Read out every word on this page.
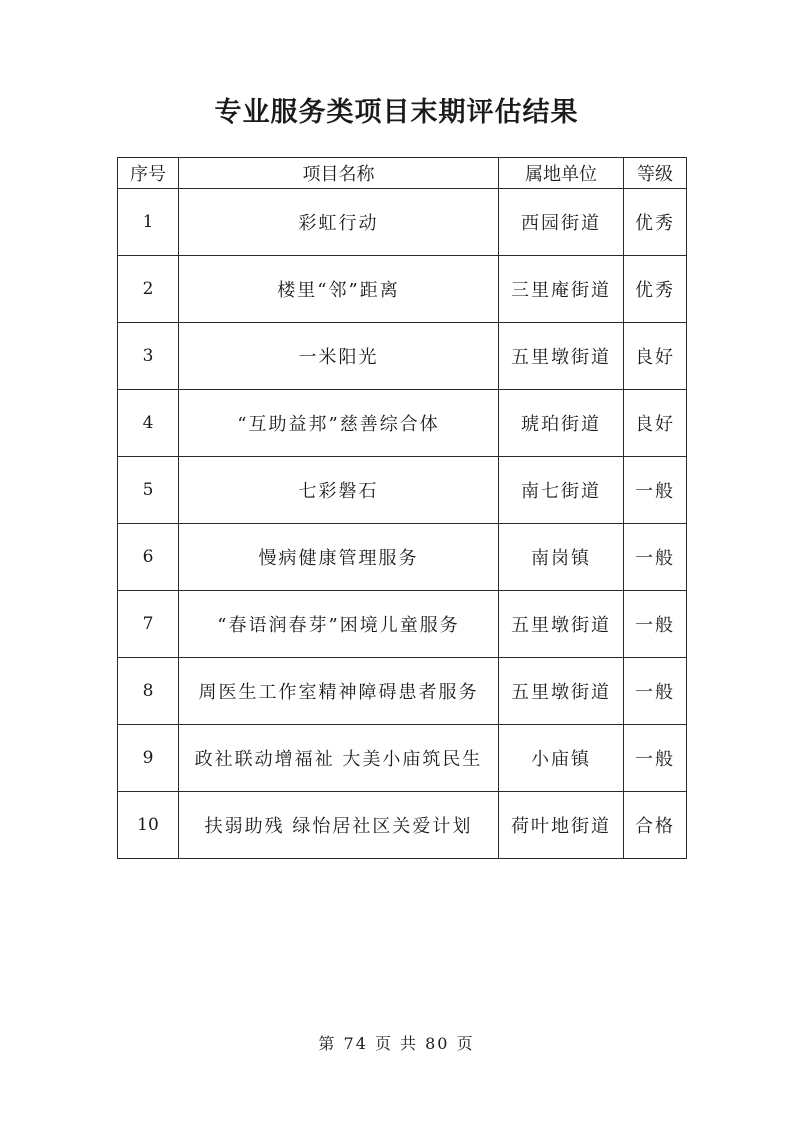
专业服务类项目末期评估结果
序号	项目名称	属地单位	等级
1	彩虹行动	西园街道	优秀
2	楼里“邻”距离	三里庵街道	优秀
3	一米阳光	五里墩街道	良好
4	“互助益邦”慈善综合体	琥珀街道	良好
5	七彩磐石	南七街道	一般
6	慢病健康管理服务	南岗镇	一般
7	“春语润春芽”困境儿童服务	五里墩街道	一般
8	周医生工作室精神障碍患者服务	五里墩街道	一般
9	政社联动增福祉 大美小庙筑民生	小庙镇	一般
10	扶弱助残 绿怡居社区关爱计划	荷叶地街道	合格
第 74 页 共 80 页
